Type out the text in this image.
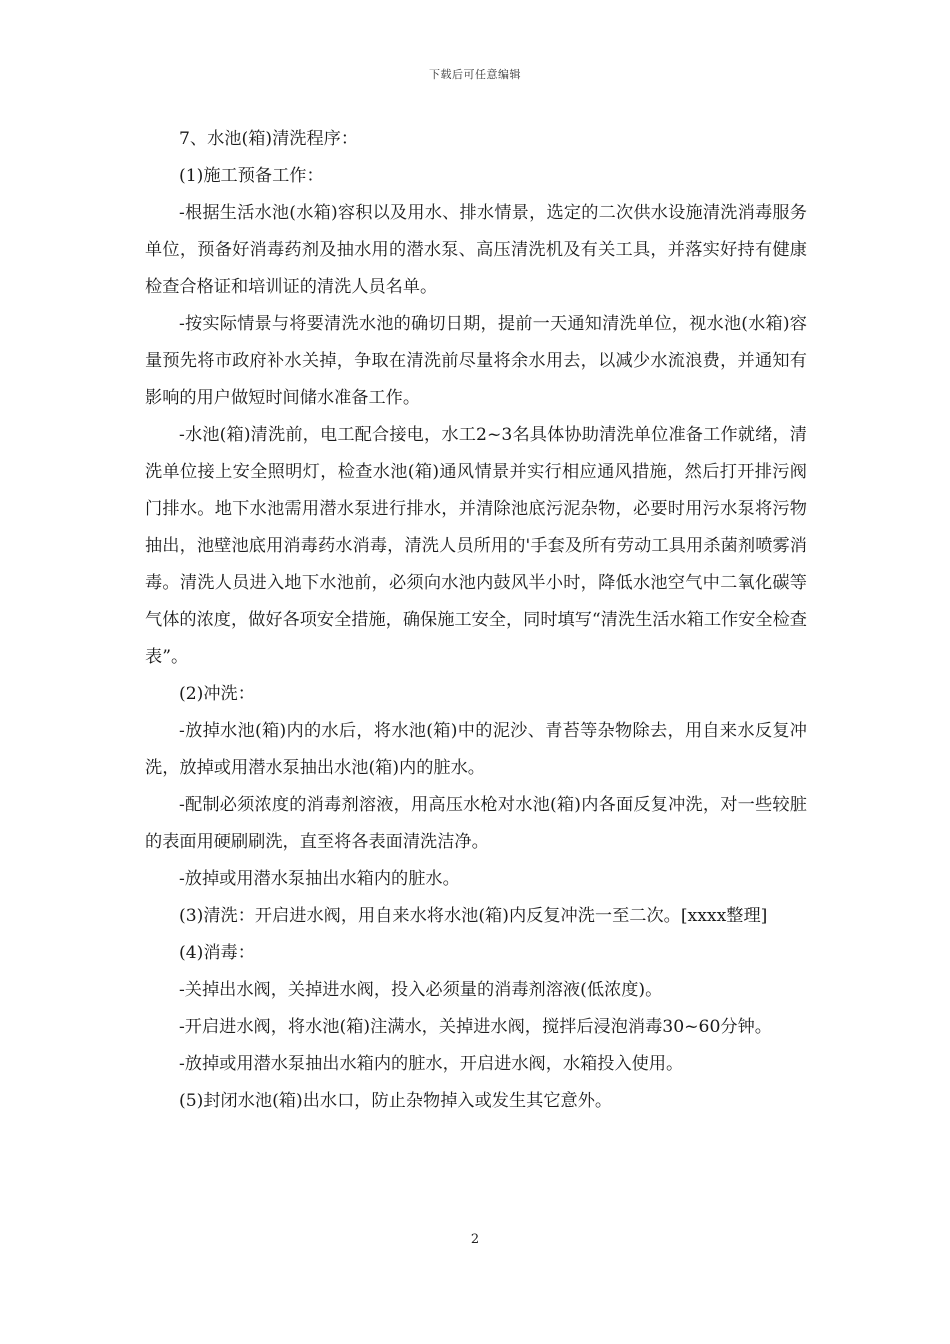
下载后可任意编辑

7、水池(箱)清洗程序：

(1)施工预备工作：

-根据生活水池(水箱)容积以及用水、排水情景，选定的二次供水设施清洗消毒服务单位，预备好消毒药剂及抽水用的潜水泵、高压清洗机及有关工具，并落实好持有健康检查合格证和培训证的清洗人员名单。

-按实际情景与将要清洗水池的确切日期，提前一天通知清洗单位，视水池(水箱)容量预先将市政府补水关掉，争取在清洗前尽量将余水用去，以减少水流浪费，并通知有影响的用户做短时间储水准备工作。

-水池(箱)清洗前，电工配合接电，水工2~3名具体协助清洗单位准备工作就绪，清洗单位接上安全照明灯，检查水池(箱)通风情景并实行相应通风措施，然后打开排污阀门排水。地下水池需用潜水泵进行排水，并清除池底污泥杂物，必要时用污水泵将污物抽出，池壁池底用消毒药水消毒，清洗人员所用的'手套及所有劳动工具用杀菌剂喷雾消毒。清洗人员进入地下水池前，必须向水池内鼓风半小时，降低水池空气中二氧化碳等气体的浓度，做好各项安全措施，确保施工安全，同时填写“清洗生活水箱工作安全检查表”。

(2)冲洗：

-放掉水池(箱)内的水后，将水池(箱)中的泥沙、青苔等杂物除去，用自来水反复冲洗，放掉或用潜水泵抽出水池(箱)内的脏水。

-配制必须浓度的消毒剂溶液，用高压水枪对水池(箱)内各面反复冲洗，对一些较脏的表面用硬刷刷洗，直至将各表面清洗洁净。

-放掉或用潜水泵抽出水箱内的脏水。

(3)清洗：开启进水阀，用自来水将水池(箱)内反复冲洗一至二次。[xxxx整理]

(4)消毒：

-关掉出水阀，关掉进水阀，投入必须量的消毒剂溶液(低浓度)。

-开启进水阀，将水池(箱)注满水，关掉进水阀，搅拌后浸泡消毒30~60分钟。

-放掉或用潜水泵抽出水箱内的脏水，开启进水阀，水箱投入使用。

(5)封闭水池(箱)出水口，防止杂物掉入或发生其它意外。

2
